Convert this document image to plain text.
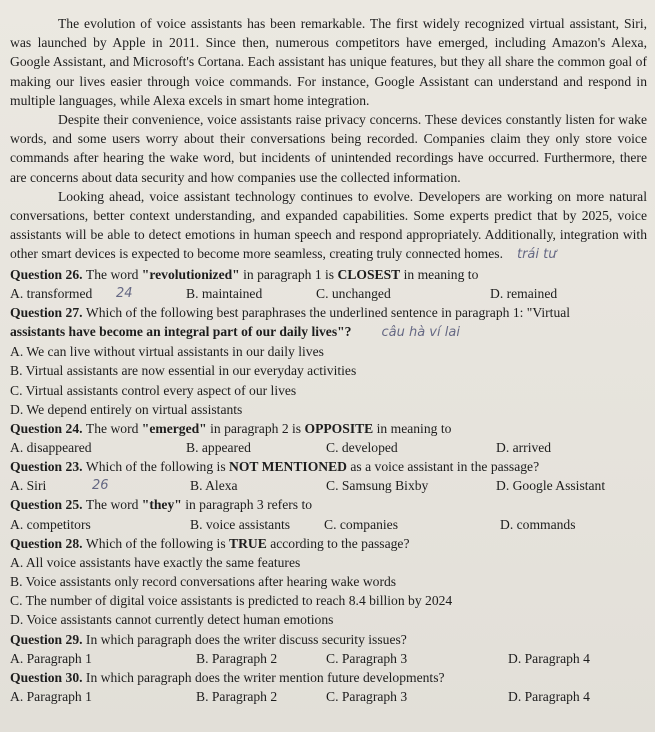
The evolution of voice assistants has been remarkable. The first widely recognized virtual assistant, Siri, was launched by Apple in 2011. Since then, numerous competitors have emerged, including Amazon's Alexa, Google Assistant, and Microsoft's Cortana. Each assistant has unique features, but they all share the common goal of making our lives easier through voice commands. For instance, Google Assistant can understand and respond in multiple languages, while Alexa excels in smart home integration.

Despite their convenience, voice assistants raise privacy concerns. These devices constantly listen for wake words, and some users worry about their conversations being recorded. Companies claim they only store voice commands after hearing the wake word, but incidents of unintended recordings have occurred. Furthermore, there are concerns about data security and how companies use the collected information.

Looking ahead, voice assistant technology continues to evolve. Developers are working on more natural conversations, better context understanding, and expanded capabilities. Some experts predict that by 2025, voice assistants will be able to detect emotions in human speech and respond appropriately. Additionally, integration with other smart devices is expected to become more seamless, creating truly connected homes. trái tư

Question 26. The word "revolutionized" in paragraph 1 is CLOSEST in meaning to

A. transformed 24	B. maintained	C. unchanged	D. remained

Question 27. Which of the following best paraphrases the underlined sentence in paragraph 1: "Virtual

assistants have become an integral part of our daily lives"? câu hà ví lai

A. We can live without virtual assistants in our daily lives

B. Virtual assistants are now essential in our everyday activities

C. Virtual assistants control every aspect of our lives

D. We depend entirely on virtual assistants

Question 24. The word "emerged" in paragraph 2 is OPPOSITE in meaning to

A. disappeared	B. appeared	C. developed	D. arrived

Question 23. Which of the following is NOT MENTIONED as a voice assistant in the passage?

A. Siri	26	B. Alexa	C. Samsung Bixby	D. Google Assistant

Question 25. The word "they" in paragraph 3 refers to

A. competitors	B. voice assistants C. companies	D. commands

Question 28. Which of the following is TRUE according to the passage?

A. All voice assistants have exactly the same features

B. Voice assistants only record conversations after hearing wake words

C. The number of digital voice assistants is predicted to reach 8.4 billion by 2024

D. Voice assistants cannot currently detect human emotions

Question 29. In which paragraph does the writer discuss security issues?

A. Paragraph 1	B. Paragraph 2	C. Paragraph 3	D. Paragraph 4

Question 30. In which paragraph does the writer mention future developments?

A. Paragraph 1	B. Paragraph 2	C. Paragraph 3	D. Paragraph 4
